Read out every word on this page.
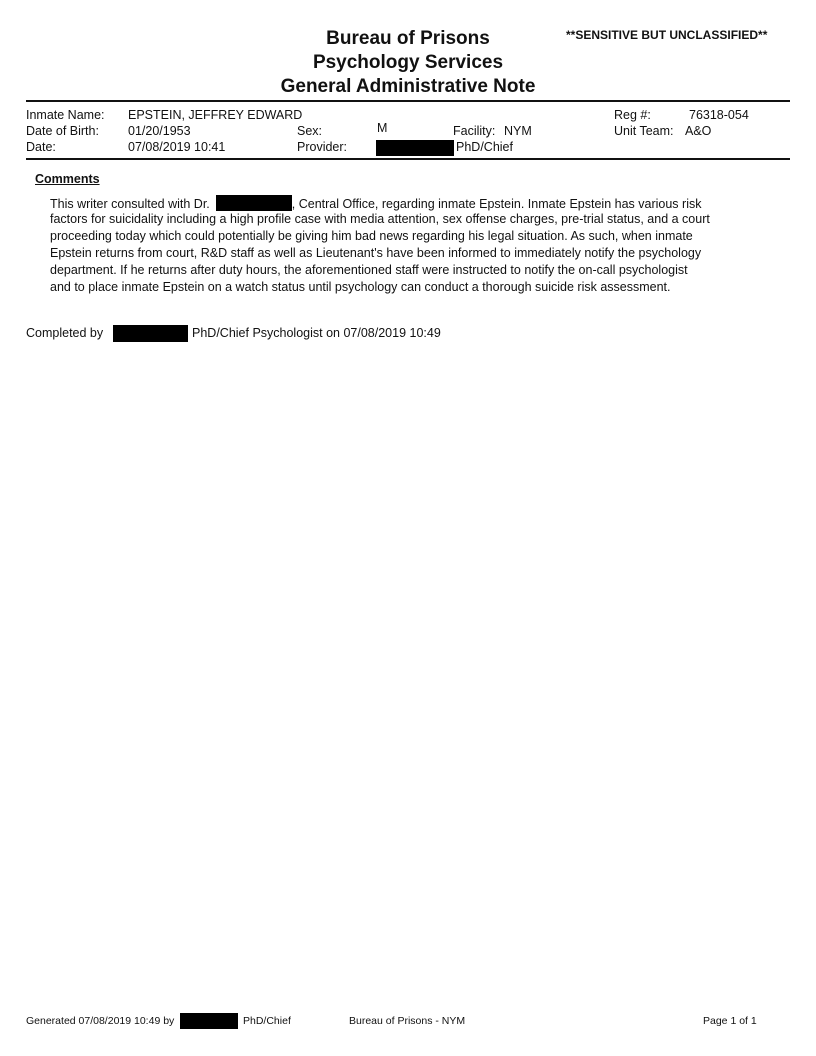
Bureau of Prisons
Psychology Services
General Administrative Note
**SENSITIVE BUT UNCLASSIFIED**
Inmate Name: EPSTEIN, JEFFREY EDWARD
Date of Birth: 01/20/1953
Date:	07/08/2019 10:41
Sex:	M
Provider:	PhD/Chief
Facility: NYM
Reg #:	76318-054
Unit Team: A&O
Comments
This writer consulted with Dr.	, Central Office, regarding inmate Epstein. Inmate Epstein has various risk
factors for suicidality including a high profile case with media attention, sex offense charges, pre-trial status, and a court
proceeding today which could potentially be giving him bad news regarding his legal situation. As such, when inmate
Epstein returns from court, R&D staff as well as Lieutenant's have been informed to immediately notify the psychology
department. If he returns after duty hours, the aforementioned staff were instructed to notify the on-call psychologist
and to place inmate Epstein on a watch status until psychology can conduct a thorough suicide risk assessment.
Completed by	PhD/Chief Psychologist on 07/08/2019 10:49
Generated 07/08/2019 10:49 by	PhD/Chief	Bureau of Prisons - NYM	Page 1 of 1
